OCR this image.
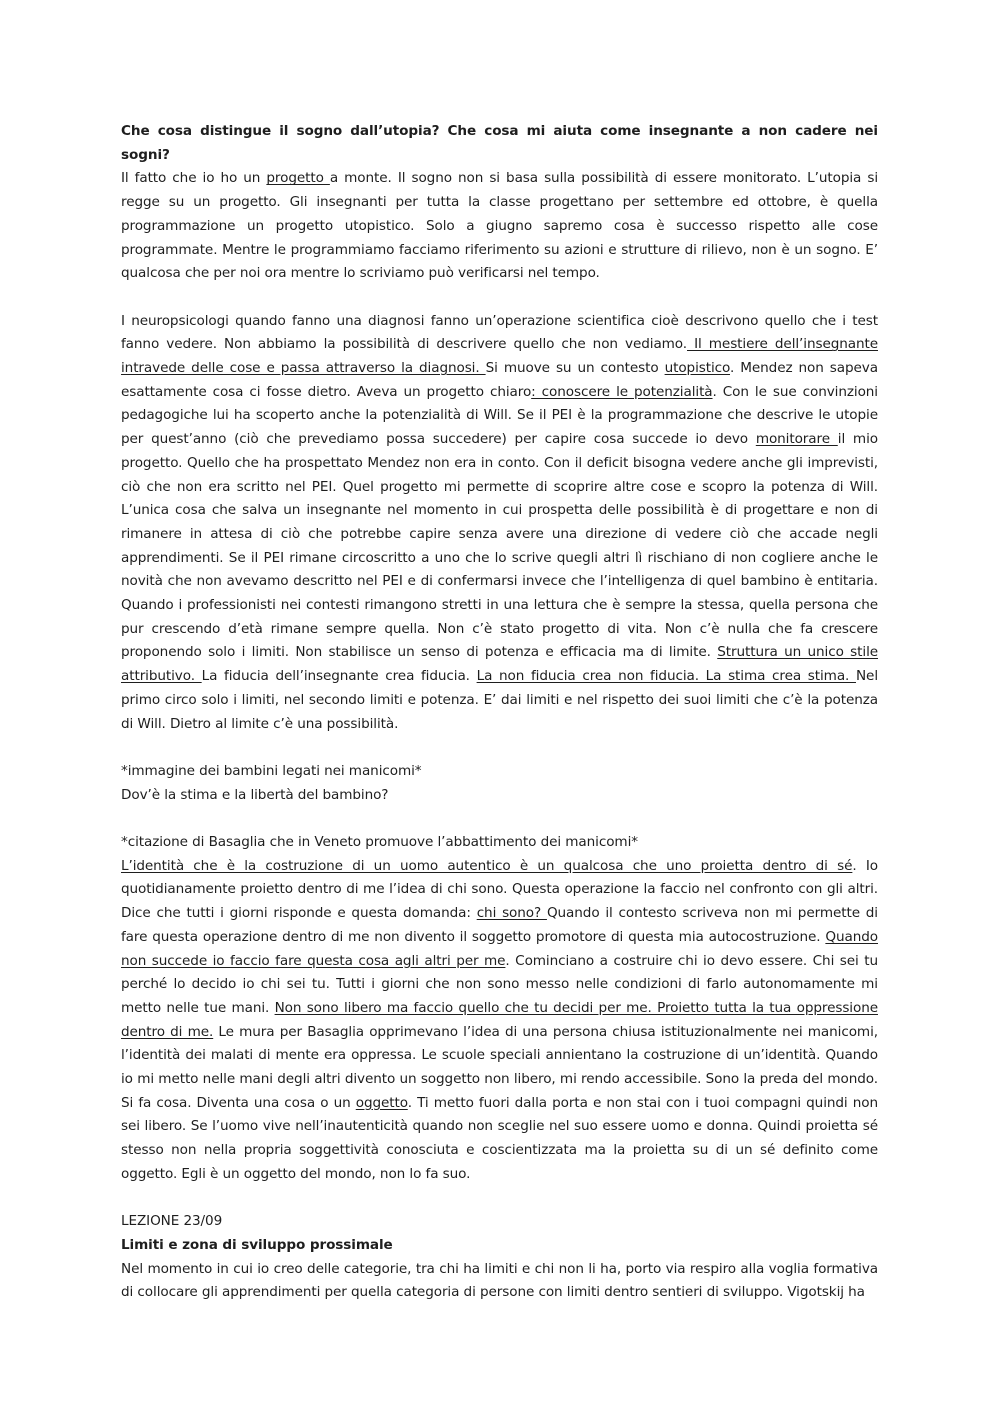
Che cosa distingue il sogno dall’utopia? Che cosa mi aiuta come insegnante a non cadere nei sogni?

Il fatto che io ho un progetto a monte. Il sogno non si basa sulla possibilità di essere monitorato. L’utopia si regge su un progetto. Gli insegnanti per tutta la classe progettano per settembre ed ottobre, è quella programmazione un progetto utopistico. Solo a giugno sapremo cosa è successo rispetto alle cose programmate. Mentre le programmiamo facciamo riferimento su azioni e strutture di rilievo, non è un sogno. E’ qualcosa che per noi ora mentre lo scriviamo può verificarsi nel tempo.

I neuropsicologi quando fanno una diagnosi fanno un’operazione scientifica cioè descrivono quello che i test fanno vedere. Non abbiamo la possibilità di descrivere quello che non vediamo. Il mestiere dell’insegnante intravede delle cose e passa attraverso la diagnosi. Si muove su un contesto utopistico. Mendez non sapeva esattamente cosa ci fosse dietro. Aveva un progetto chiaro: conoscere le potenzialità. Con le sue convinzioni pedagogiche lui ha scoperto anche la potenzialità di Will. Se il PEI è la programmazione che descrive le utopie per quest’anno (ciò che prevediamo possa succedere) per capire cosa succede io devo monitorare il mio progetto. Quello che ha prospettato Mendez non era in conto. Con il deficit bisogna vedere anche gli imprevisti, ciò che non era scritto nel PEI. Quel progetto mi permette di scoprire altre cose e scopro la potenza di Will. L’unica cosa che salva un insegnante nel momento in cui prospetta delle possibilità è di progettare e non di rimanere in attesa di ciò che potrebbe capire senza avere una direzione di vedere ciò che accade negli apprendimenti. Se il PEI rimane circoscritto a uno che lo scrive quegli altri lì rischiano di non cogliere anche le novità che non avevamo descritto nel PEI e di confermarsi invece che l’intelligenza di quel bambino è entitaria. Quando i professionisti nei contesti rimangono stretti in una lettura che è sempre la stessa, quella persona che pur crescendo d’età rimane sempre quella. Non c’è stato progetto di vita. Non c’è nulla che fa crescere proponendo solo i limiti. Non stabilisce un senso di potenza e efficacia ma di limite. Struttura un unico stile attributivo. La fiducia dell’insegnante crea fiducia. La non fiducia crea non fiducia. La stima crea stima. Nel primo circo solo i limiti, nel secondo limiti e potenza. E’ dai limiti e nel rispetto dei suoi limiti che c’è la potenza di Will. Dietro al limite c’è una possibilità.

*immagine dei bambini legati nei manicomi*

Dov’è la stima e la libertà del bambino?

*citazione di Basaglia che in Veneto promuove l’abbattimento dei manicomi*

L’identità che è la costruzione di un uomo autentico è un qualcosa che uno proietta dentro di sé. Io quotidianamente proietto dentro di me l’idea di chi sono. Questa operazione la faccio nel confronto con gli altri. Dice che tutti i giorni risponde e questa domanda: chi sono? Quando il contesto scriveva non mi permette di fare questa operazione dentro di me non divento il soggetto promotore di questa mia autocostruzione. Quando non succede io faccio fare questa cosa agli altri per me. Cominciano a costruire chi io devo essere. Chi sei tu perché lo decido io chi sei tu. Tutti i giorni che non sono messo nelle condizioni di farlo autonomamente mi metto nelle tue mani. Non sono libero ma faccio quello che tu decidi per me. Proietto tutta la tua oppressione dentro di me. Le mura per Basaglia opprimevano l’idea di una persona chiusa istituzionalmente nei manicomi, l’identità dei malati di mente era oppressa. Le scuole speciali annientano la costruzione di un’identità. Quando io mi metto nelle mani degli altri divento un soggetto non libero, mi rendo accessibile. Sono la preda del mondo. Si fa cosa. Diventa una cosa o un oggetto. Ti metto fuori dalla porta e non stai con i tuoi compagni quindi non sei libero. Se l’uomo vive nell’inautenticità quando non sceglie nel suo essere uomo e donna. Quindi proietta sé stesso non nella propria soggettività conosciuta e coscientizzata ma la proietta su di un sé definito come oggetto. Egli è un oggetto del mondo, non lo fa suo.

LEZIONE 23/09

Limiti e zona di sviluppo prossimale

Nel momento in cui io creo delle categorie, tra chi ha limiti e chi non li ha, porto via respiro alla voglia formativa di collocare gli apprendimenti per quella categoria di persone con limiti dentro sentieri di sviluppo. Vigotskij ha
